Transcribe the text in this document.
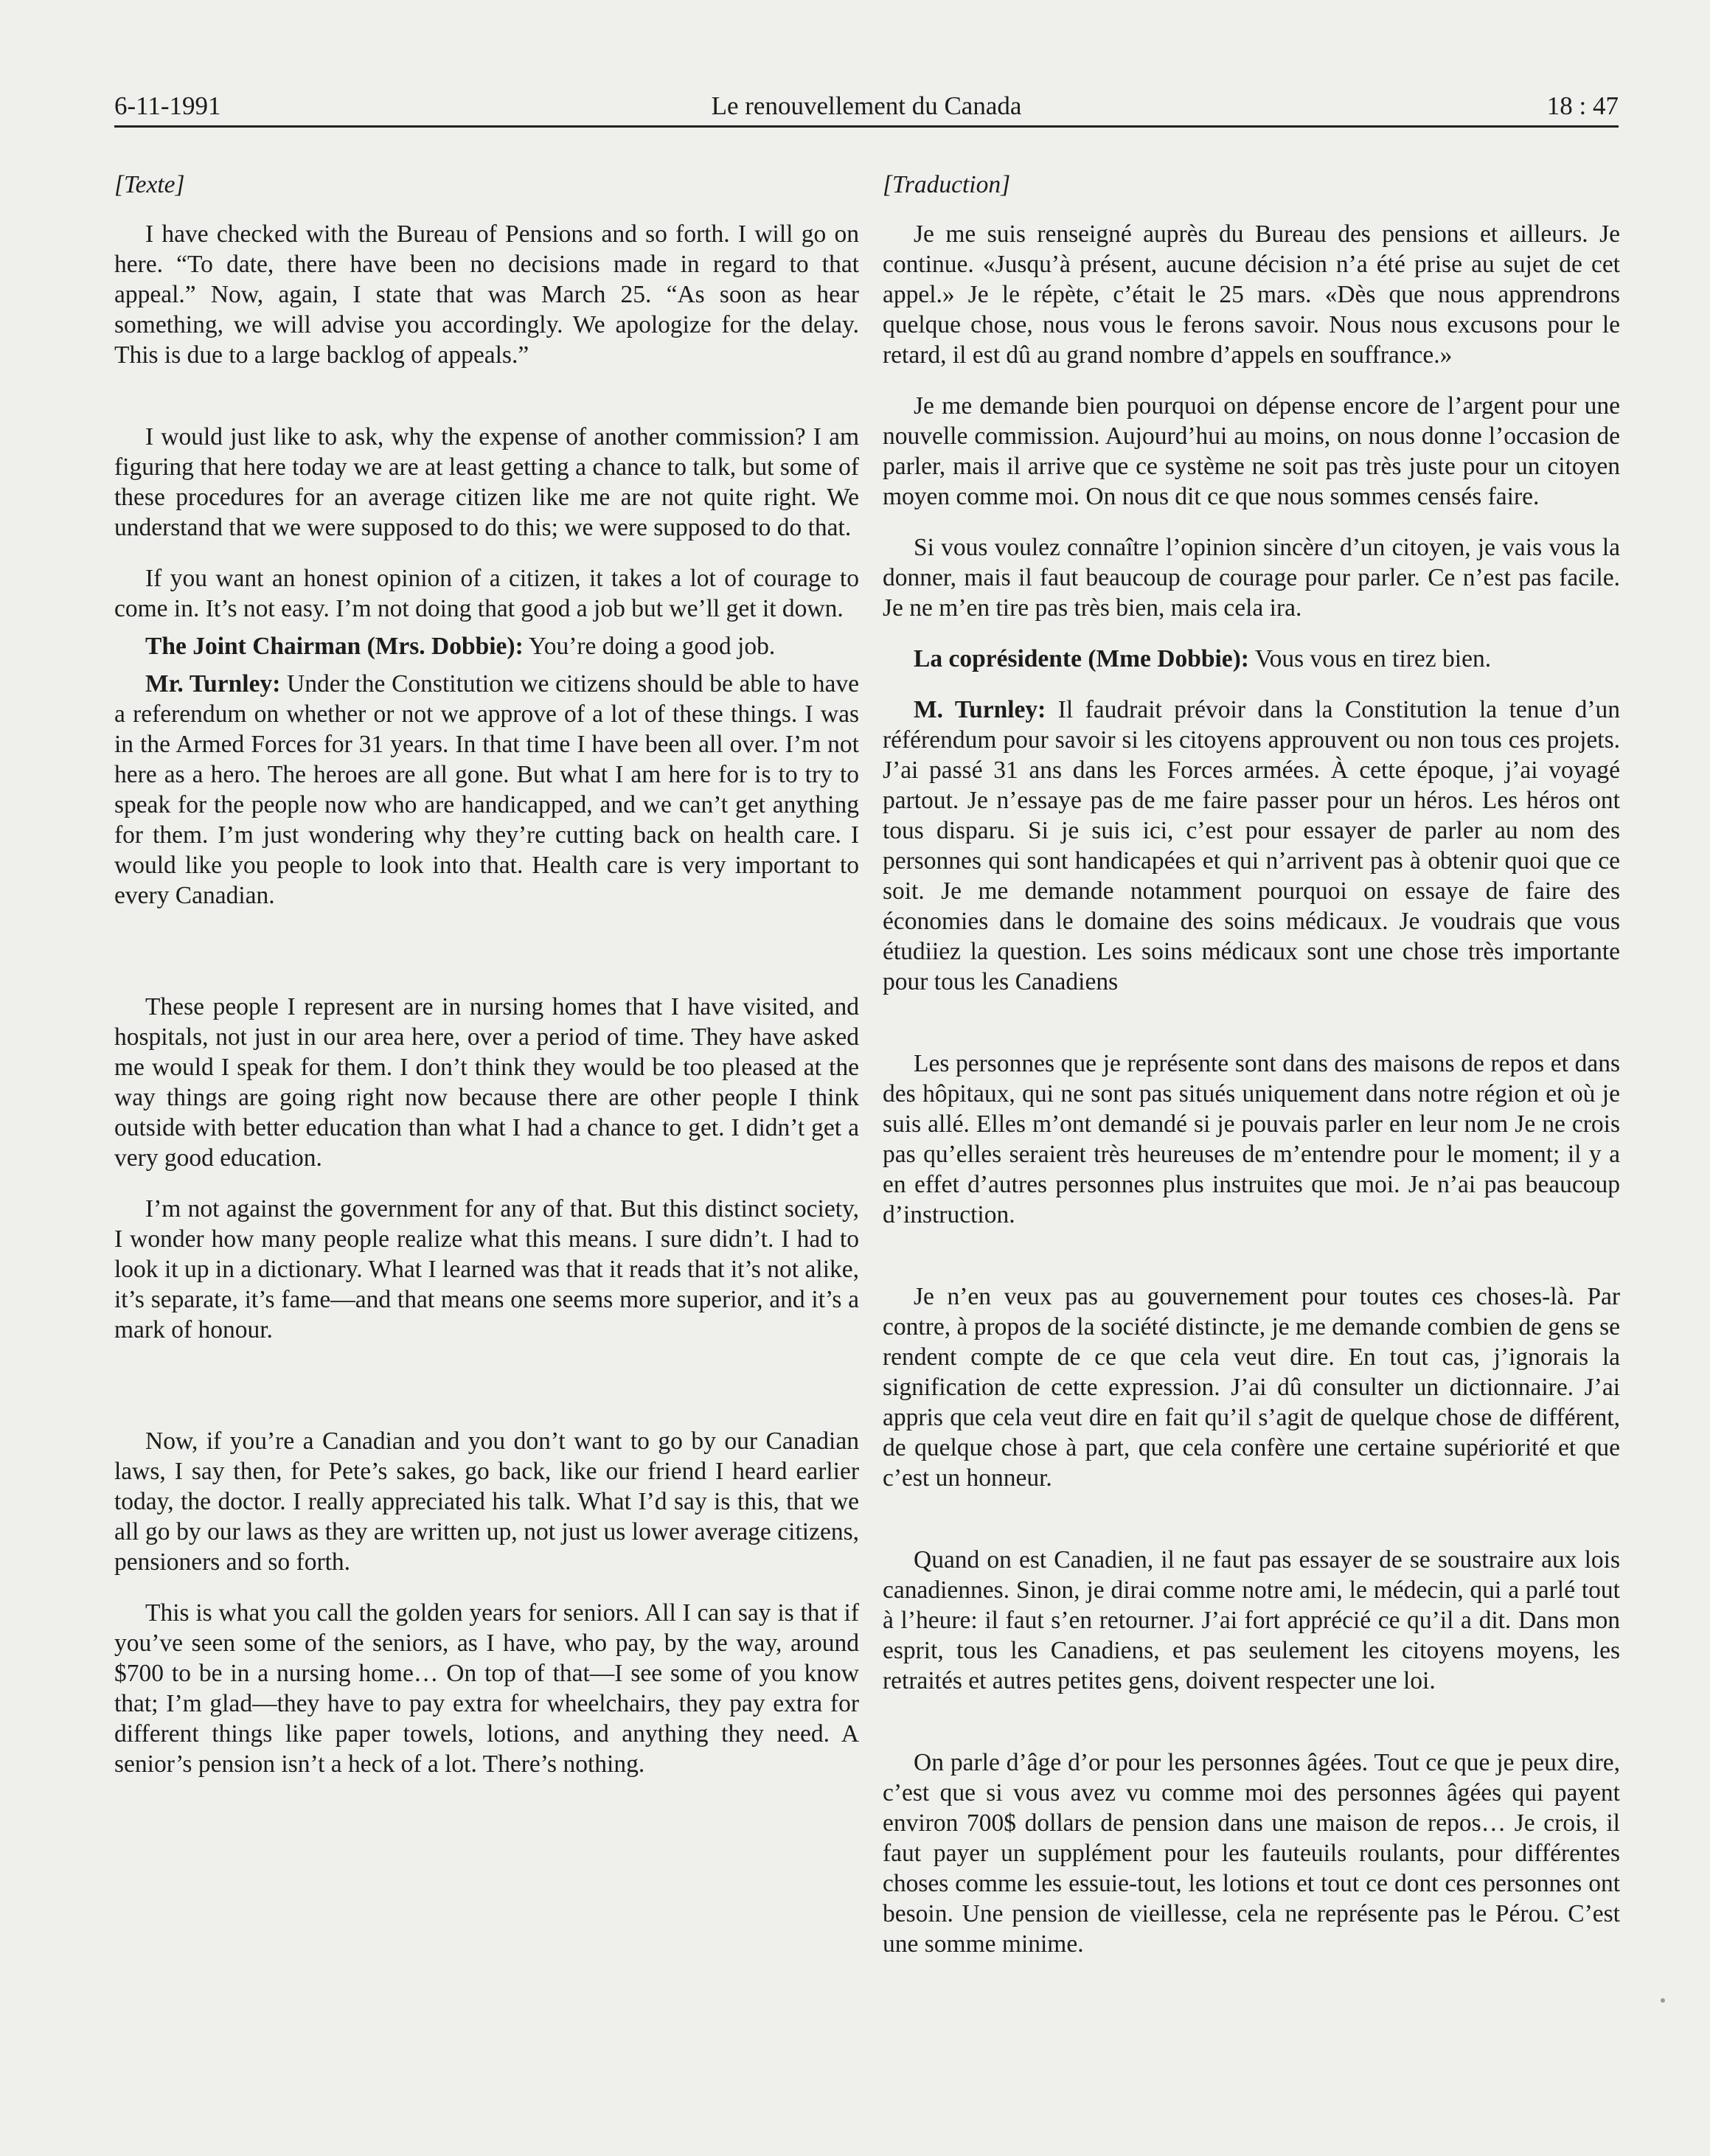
6-11-1991	Le renouvellement du Canada	18 : 47

[Texte]

I have checked with the Bureau of Pensions and so forth. I will go on here. “To date, there have been no decisions made in regard to that appeal.” Now, again, I state that was March 25. “As soon as hear something, we will advise you accordingly. We apologize for the delay. This is due to a large backlog of appeals.”

I would just like to ask, why the expense of another commission? I am figuring that here today we are at least getting a chance to talk, but some of these procedures for an average citizen like me are not quite right. We understand that we were supposed to do this; we were supposed to do that.

If you want an honest opinion of a citizen, it takes a lot of courage to come in. It’s not easy. I’m not doing that good a job but we’ll get it down.

The Joint Chairman (Mrs. Dobbie): You’re doing a good job.

Mr. Turnley: Under the Constitution we citizens should be able to have a referendum on whether or not we approve of a lot of these things. I was in the Armed Forces for 31 years. In that time I have been all over. I’m not here as a hero. The heroes are all gone. But what I am here for is to try to speak for the people now who are handicapped, and we can’t get anything for them. I’m just wondering why they’re cutting back on health care. I would like you people to look into that. Health care is very important to every Canadian.

These people I represent are in nursing homes that I have visited, and hospitals, not just in our area here, over a period of time. They have asked me would I speak for them. I don’t think they would be too pleased at the way things are going right now because there are other people I think outside with better education than what I had a chance to get. I didn’t get a very good education.

I’m not against the government for any of that. But this distinct society, I wonder how many people realize what this means. I sure didn’t. I had to look it up in a dictionary. What I learned was that it reads that it’s not alike, it’s separate, it’s fame—and that means one seems more superior, and it’s a mark of honour.

Now, if you’re a Canadian and you don’t want to go by our Canadian laws, I say then, for Pete’s sakes, go back, like our friend I heard earlier today, the doctor. I really appreciated his talk. What I’d say is this, that we all go by our laws as they are written up, not just us lower average citizens, pensioners and so forth.

This is what you call the golden years for seniors. All I can say is that if you’ve seen some of the seniors, as I have, who pay, by the way, around $700 to be in a nursing home… On top of that—I see some of you know that; I’m glad—they have to pay extra for wheelchairs, they pay extra for different things like paper towels, lotions, and anything they need. A senior’s pension isn’t a heck of a lot. There’s nothing.

[Traduction]

Je me suis renseigné auprès du Bureau des pensions et ailleurs. Je continue. «Jusqu’à présent, aucune décision n’a été prise au sujet de cet appel.» Je le répète, c’était le 25 mars. «Dès que nous apprendrons quelque chose, nous vous le ferons savoir. Nous nous excusons pour le retard, il est dû au grand nombre d’appels en souffrance.»

Je me demande bien pourquoi on dépense encore de l’argent pour une nouvelle commission. Aujourd’hui au moins, on nous donne l’occasion de parler, mais il arrive que ce système ne soit pas très juste pour un citoyen moyen comme moi. On nous dit ce que nous sommes censés faire.

Si vous voulez connaître l’opinion sincère d’un citoyen, je vais vous la donner, mais il faut beaucoup de courage pour parler. Ce n’est pas facile. Je ne m’en tire pas très bien, mais cela ira.

La coprésidente (Mme Dobbie): Vous vous en tirez bien.

M. Turnley: Il faudrait prévoir dans la Constitution la tenue d’un référendum pour savoir si les citoyens approuvent ou non tous ces projets. J’ai passé 31 ans dans les Forces armées. À cette époque, j’ai voyagé partout. Je n’essaye pas de me faire passer pour un héros. Les héros ont tous disparu. Si je suis ici, c’est pour essayer de parler au nom des personnes qui sont handicapées et qui n’arrivent pas à obtenir quoi que ce soit. Je me demande notamment pourquoi on essaye de faire des économies dans le domaine des soins médicaux. Je voudrais que vous étudiiez la question. Les soins médicaux sont une chose très importante pour tous les Canadiens

Les personnes que je représente sont dans des maisons de repos et dans des hôpitaux, qui ne sont pas situés uniquement dans notre région et où je suis allé. Elles m’ont demandé si je pouvais parler en leur nom Je ne crois pas qu’elles seraient très heureuses de m’entendre pour le moment; il y a en effet d’autres personnes plus instruites que moi. Je n’ai pas beaucoup d’instruction.

Je n’en veux pas au gouvernement pour toutes ces choses-là. Par contre, à propos de la société distincte, je me demande combien de gens se rendent compte de ce que cela veut dire. En tout cas, j’ignorais la signification de cette expression. J’ai dû consulter un dictionnaire. J’ai appris que cela veut dire en fait qu’il s’agit de quelque chose de différent, de quelque chose à part, que cela confère une certaine supériorité et que c’est un honneur.

Quand on est Canadien, il ne faut pas essayer de se soustraire aux lois canadiennes. Sinon, je dirai comme notre ami, le médecin, qui a parlé tout à l’heure: il faut s’en retourner. J’ai fort apprécié ce qu’il a dit. Dans mon esprit, tous les Canadiens, et pas seulement les citoyens moyens, les retraités et autres petites gens, doivent respecter une loi.

On parle d’âge d’or pour les personnes âgées. Tout ce que je peux dire, c’est que si vous avez vu comme moi des personnes âgées qui payent environ 700$ dollars de pension dans une maison de repos… Je crois, il faut payer un supplément pour les fauteuils roulants, pour différentes choses comme les essuie-tout, les lotions et tout ce dont ces personnes ont besoin. Une pension de vieillesse, cela ne représente pas le Pérou. C’est une somme minime.
